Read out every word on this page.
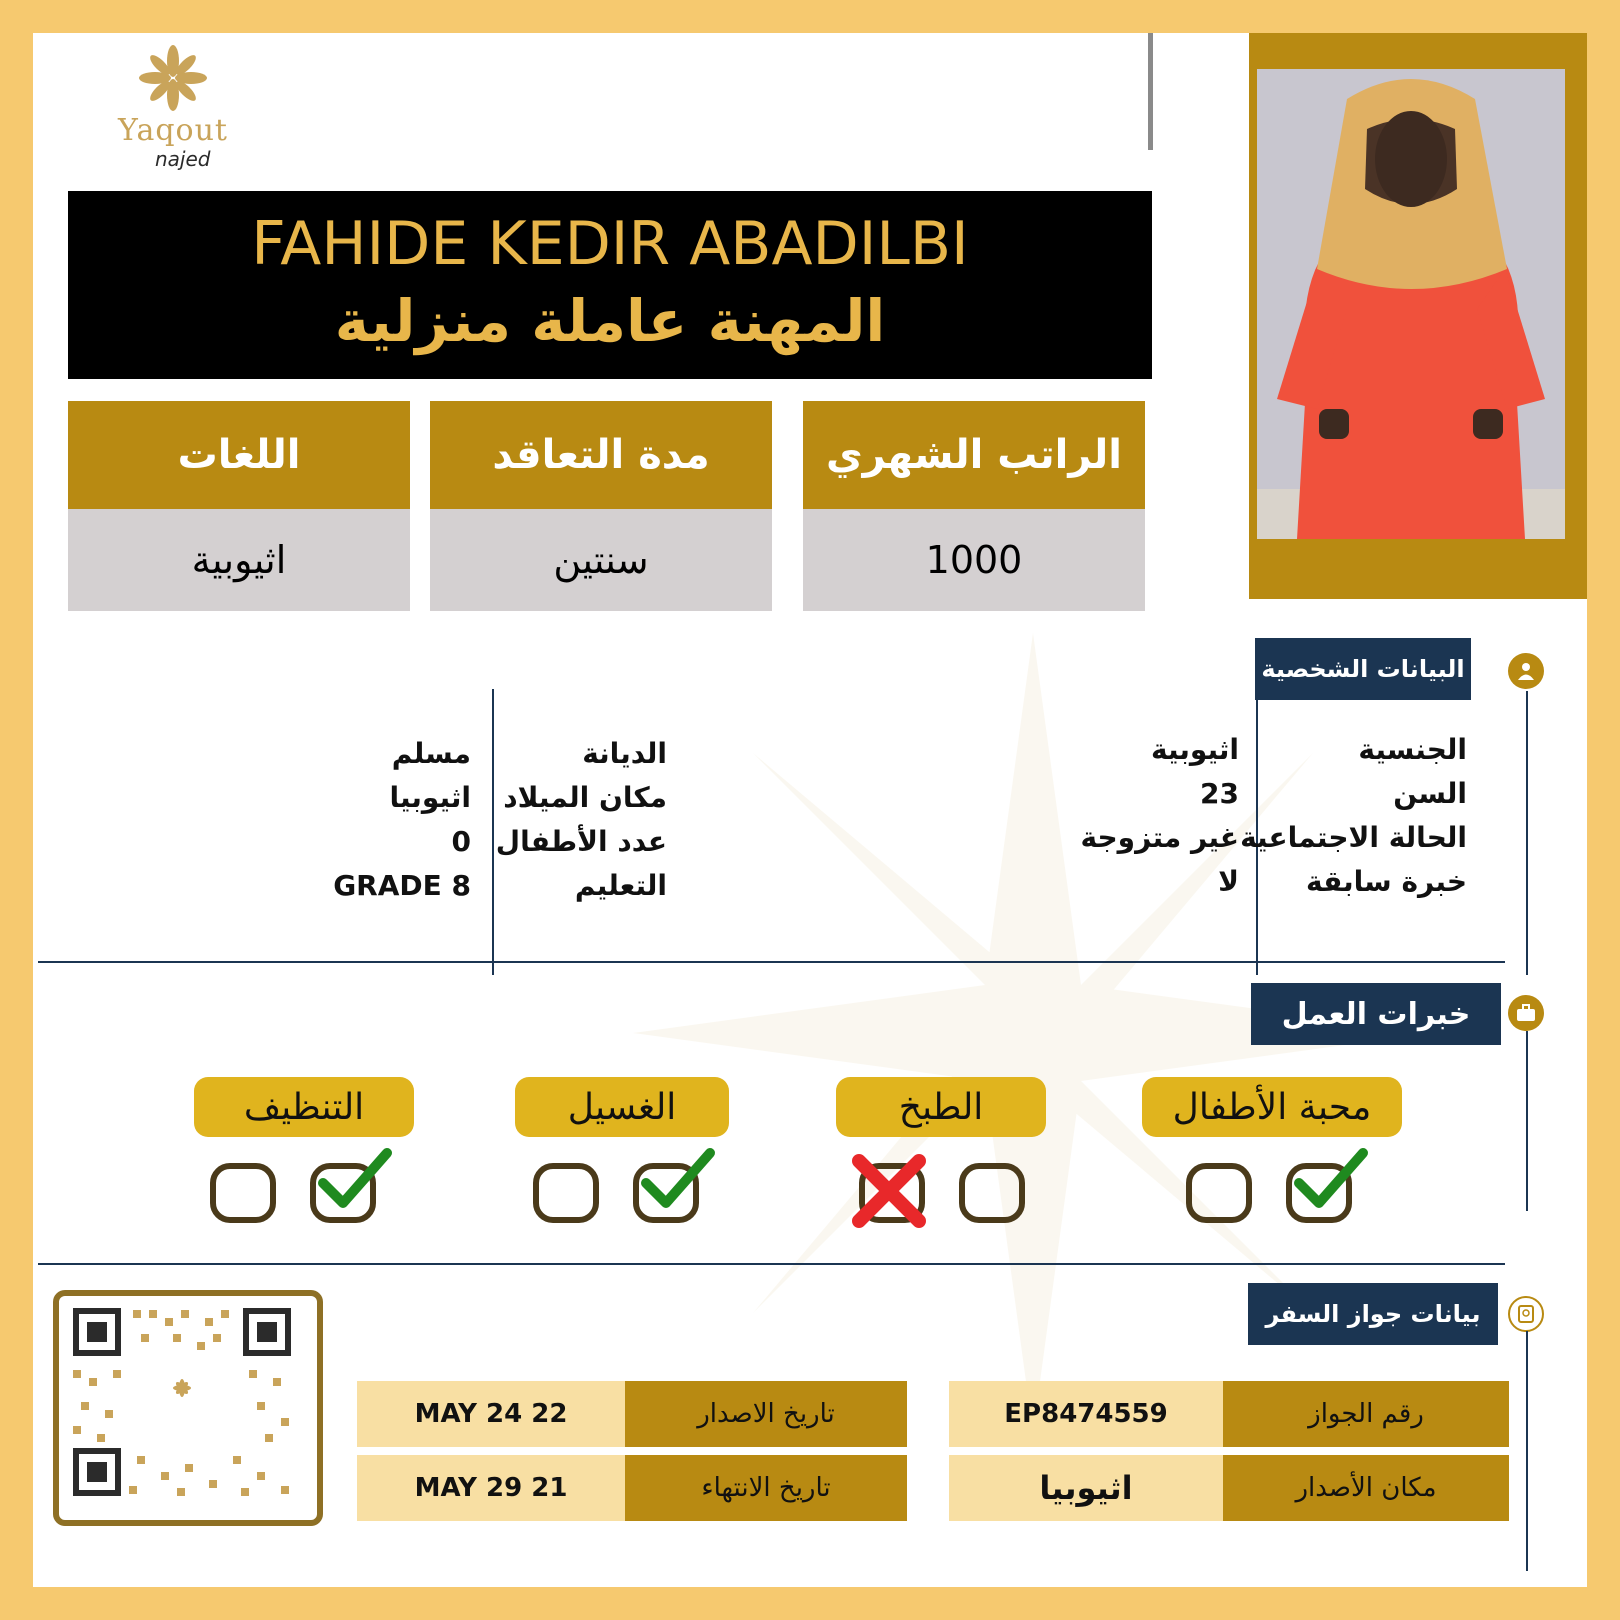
Yaqout
najed
FAHIDE KEDIR ABADILBI
المهنة عاملة منزلية
الراتب الشهري
1000
مدة التعاقد
سنتين
اللغات
اثيوبية
البيانات الشخصية
الجنسية
السن
الحالة الاجتماعية
خبرة سابقة
اثيوبية
23
غير متزوجة
لا
الديانة
مكان الميلاد
عدد الأطفال
التعليم
مسلم
اثيوبيا
0
GRADE 8
خبرات العمل
محبة الأطفال
الطبخ
الغسيل
التنظيف
بيانات جواز السفر
رقم الجواز
EP8474559
مكان الأصدار
اثيوبيا
تاريخ الاصدار
22 MAY 24
تاريخ الانتهاء
21 MAY 29
